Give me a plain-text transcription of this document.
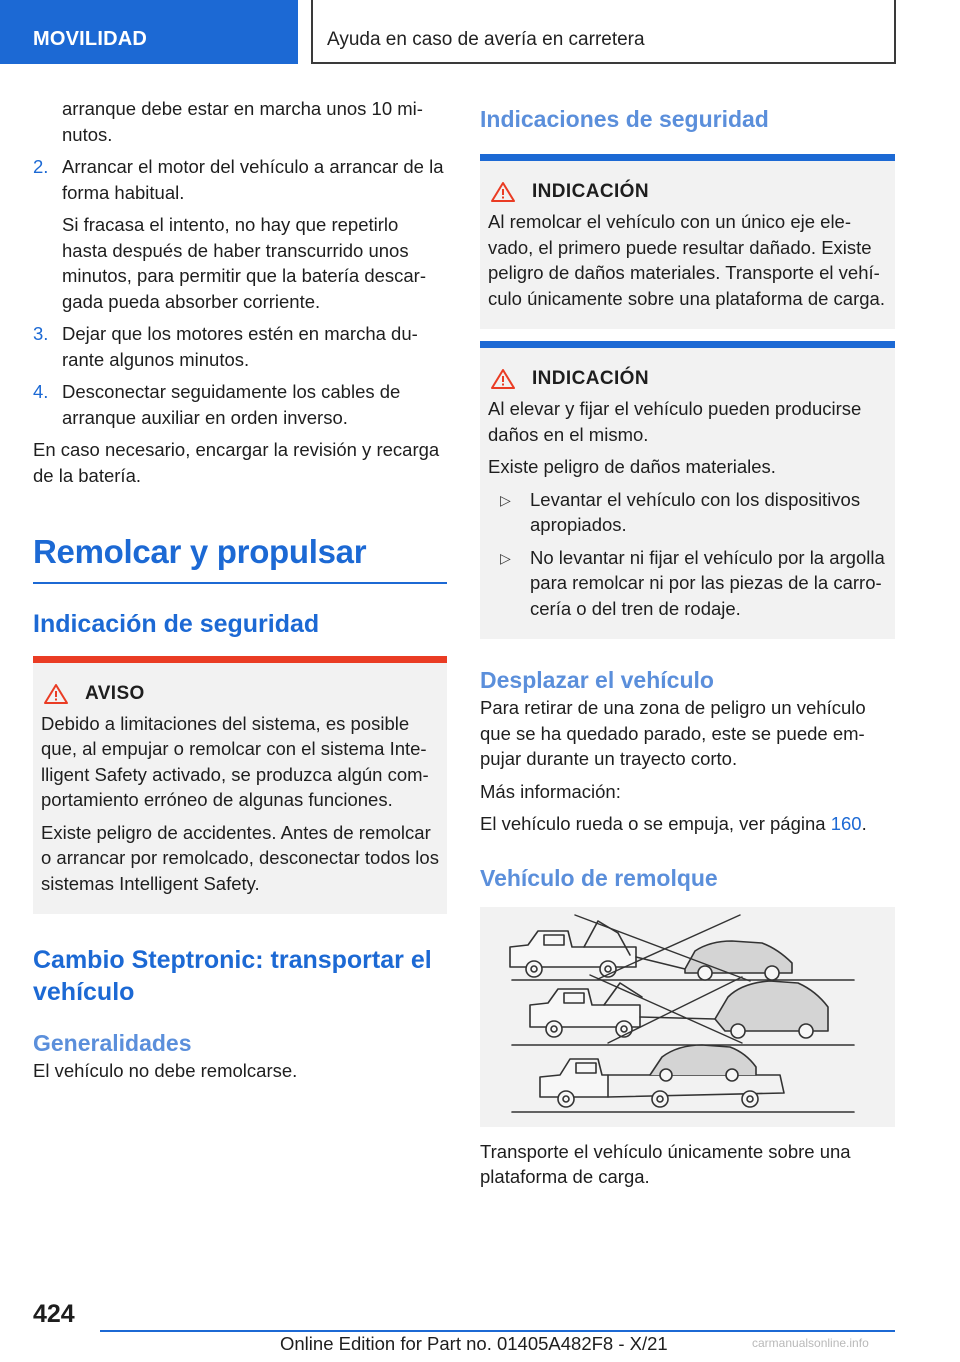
MOVILIDAD	Ayuda en caso de avería en carretera
arranque debe estar en marcha unos 10 mi-nutos.
2. Arrancar el motor del vehículo a arrancar de la forma habitual.
Si fracasa el intento, no hay que repetirlo hasta después de haber transcurrido unos minutos, para permitir que la batería descar-gada pueda absorber corriente.
3. Dejar que los motores estén en marcha du-rante algunos minutos.
4. Desconectar seguidamente los cables de arranque auxiliar en orden inverso.

En caso necesario, encargar la revisión y recarga de la batería.

Remolcar y propulsar
Indicación de seguridad
AVISO

Debido a limitaciones del sistema, es posible que, al empujar o remolcar con el sistema Inte-lligent Safety activado, se produzca algún com-portamiento erróneo de algunas funciones.

Existe peligro de accidentes. Antes de remolcar o arrancar por remolcado, desconectar todos los sistemas Intelligent Safety.

Cambio Steptronic: transportar el vehículo
Generalidades

El vehículo no debe remolcarse.

Indicaciones de seguridad
INDICACIÓN

Al remolcar el vehículo con un único eje ele-vado, el primero puede resultar dañado. Existe peligro de daños materiales. Transporte el vehí-culo únicamente sobre una plataforma de carga.

INDICACIÓN

Al elevar y fijar el vehículo pueden producirse daños en el mismo.

Existe peligro de daños materiales.

▷ Levantar el vehículo con los dispositivos apropiados.
▷ No levantar ni fijar el vehículo por la argolla para remolcar ni por las piezas de la carro-cería o del tren de rodaje.
Desplazar el vehículo

Para retirar de una zona de peligro un vehículo que se ha quedado parado, este se puede em-pujar durante un trayecto corto.

Más información:

El vehículo rueda o se empuja, ver página 160.

Vehículo de remolque

Transporte el vehículo únicamente sobre una plataforma de carga.

424
Online Edition for Part no. 01405A482F8 - X/21	carmanualsonline.info
